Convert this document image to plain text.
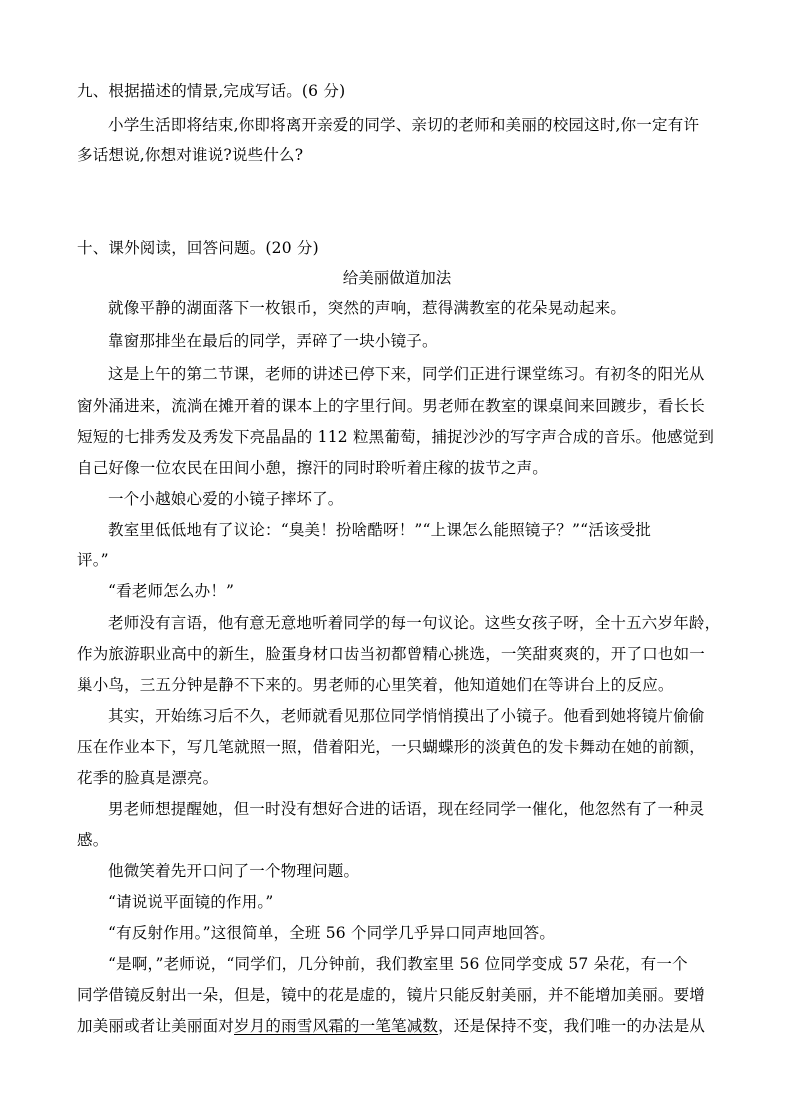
九、根据描述的情景,完成写话。(6 分)
小学生活即将结束,你即将离开亲爱的同学、亲切的老师和美丽的校园这时,你一定有许
多话想说,你想对谁说?说些什么?
十、课外阅读，回答问题。(20 分)
给美丽做道加法
就像平静的湖面落下一枚银币，突然的声响，惹得满教室的花朵晃动起来。
靠窗那排坐在最后的同学，弄碎了一块小镜子。
这是上午的第二节课，老师的讲述已停下来，同学们正进行课堂练习。有初冬的阳光从
窗外涌进来，流淌在摊开着的课本上的字里行间。男老师在教室的课桌间来回踱步，看长长
短短的七排秀发及秀发下亮晶晶的 112 粒黑葡萄，捕捉沙沙的写字声合成的音乐。他感觉到
自己好像一位农民在田间小憩，擦汗的同时聆听着庄稼的拔节之声。
一个小越娘心爱的小镜子摔坏了。
教室里低低地有了议论：“臭美！扮啥酷呀！”“上课怎么能照镜子？”“活该受批
评。”
“看老师怎么办！”
老师没有言语，他有意无意地听着同学的每一句议论。这些女孩子呀，全十五六岁年龄，
作为旅游职业高中的新生，脸蛋身材口齿当初都曾精心挑选，一笑甜爽爽的，开了口也如一
巢小鸟，三五分钟是静不下来的。男老师的心里笑着，他知道她们在等讲台上的反应。
其实，开始练习后不久，老师就看见那位同学悄悄摸出了小镜子。他看到她将镜片偷偷
压在作业本下，写几笔就照一照，借着阳光，一只蝴蝶形的淡黄色的发卡舞动在她的前额，
花季的脸真是漂亮。
男老师想提醒她，但一时没有想好合进的话语，现在经同学一催化，他忽然有了一种灵
感。
他微笑着先开口问了一个物理问题。
“请说说平面镜的作用。”
“有反射作用。”这很简单，全班 56 个同学几乎异口同声地回答。
“是啊，”老师说，“同学们，几分钟前，我们教室里 56 位同学变成 57 朵花，有一个
同学借镜反射出一朵，但是，镜中的花是虚的，镜片只能反射美丽，并不能增加美丽。要增
加美丽或者让美丽面对岁月的雨雪风霜的一笔笔减数，还是保持不变，我们唯一的办法是从
